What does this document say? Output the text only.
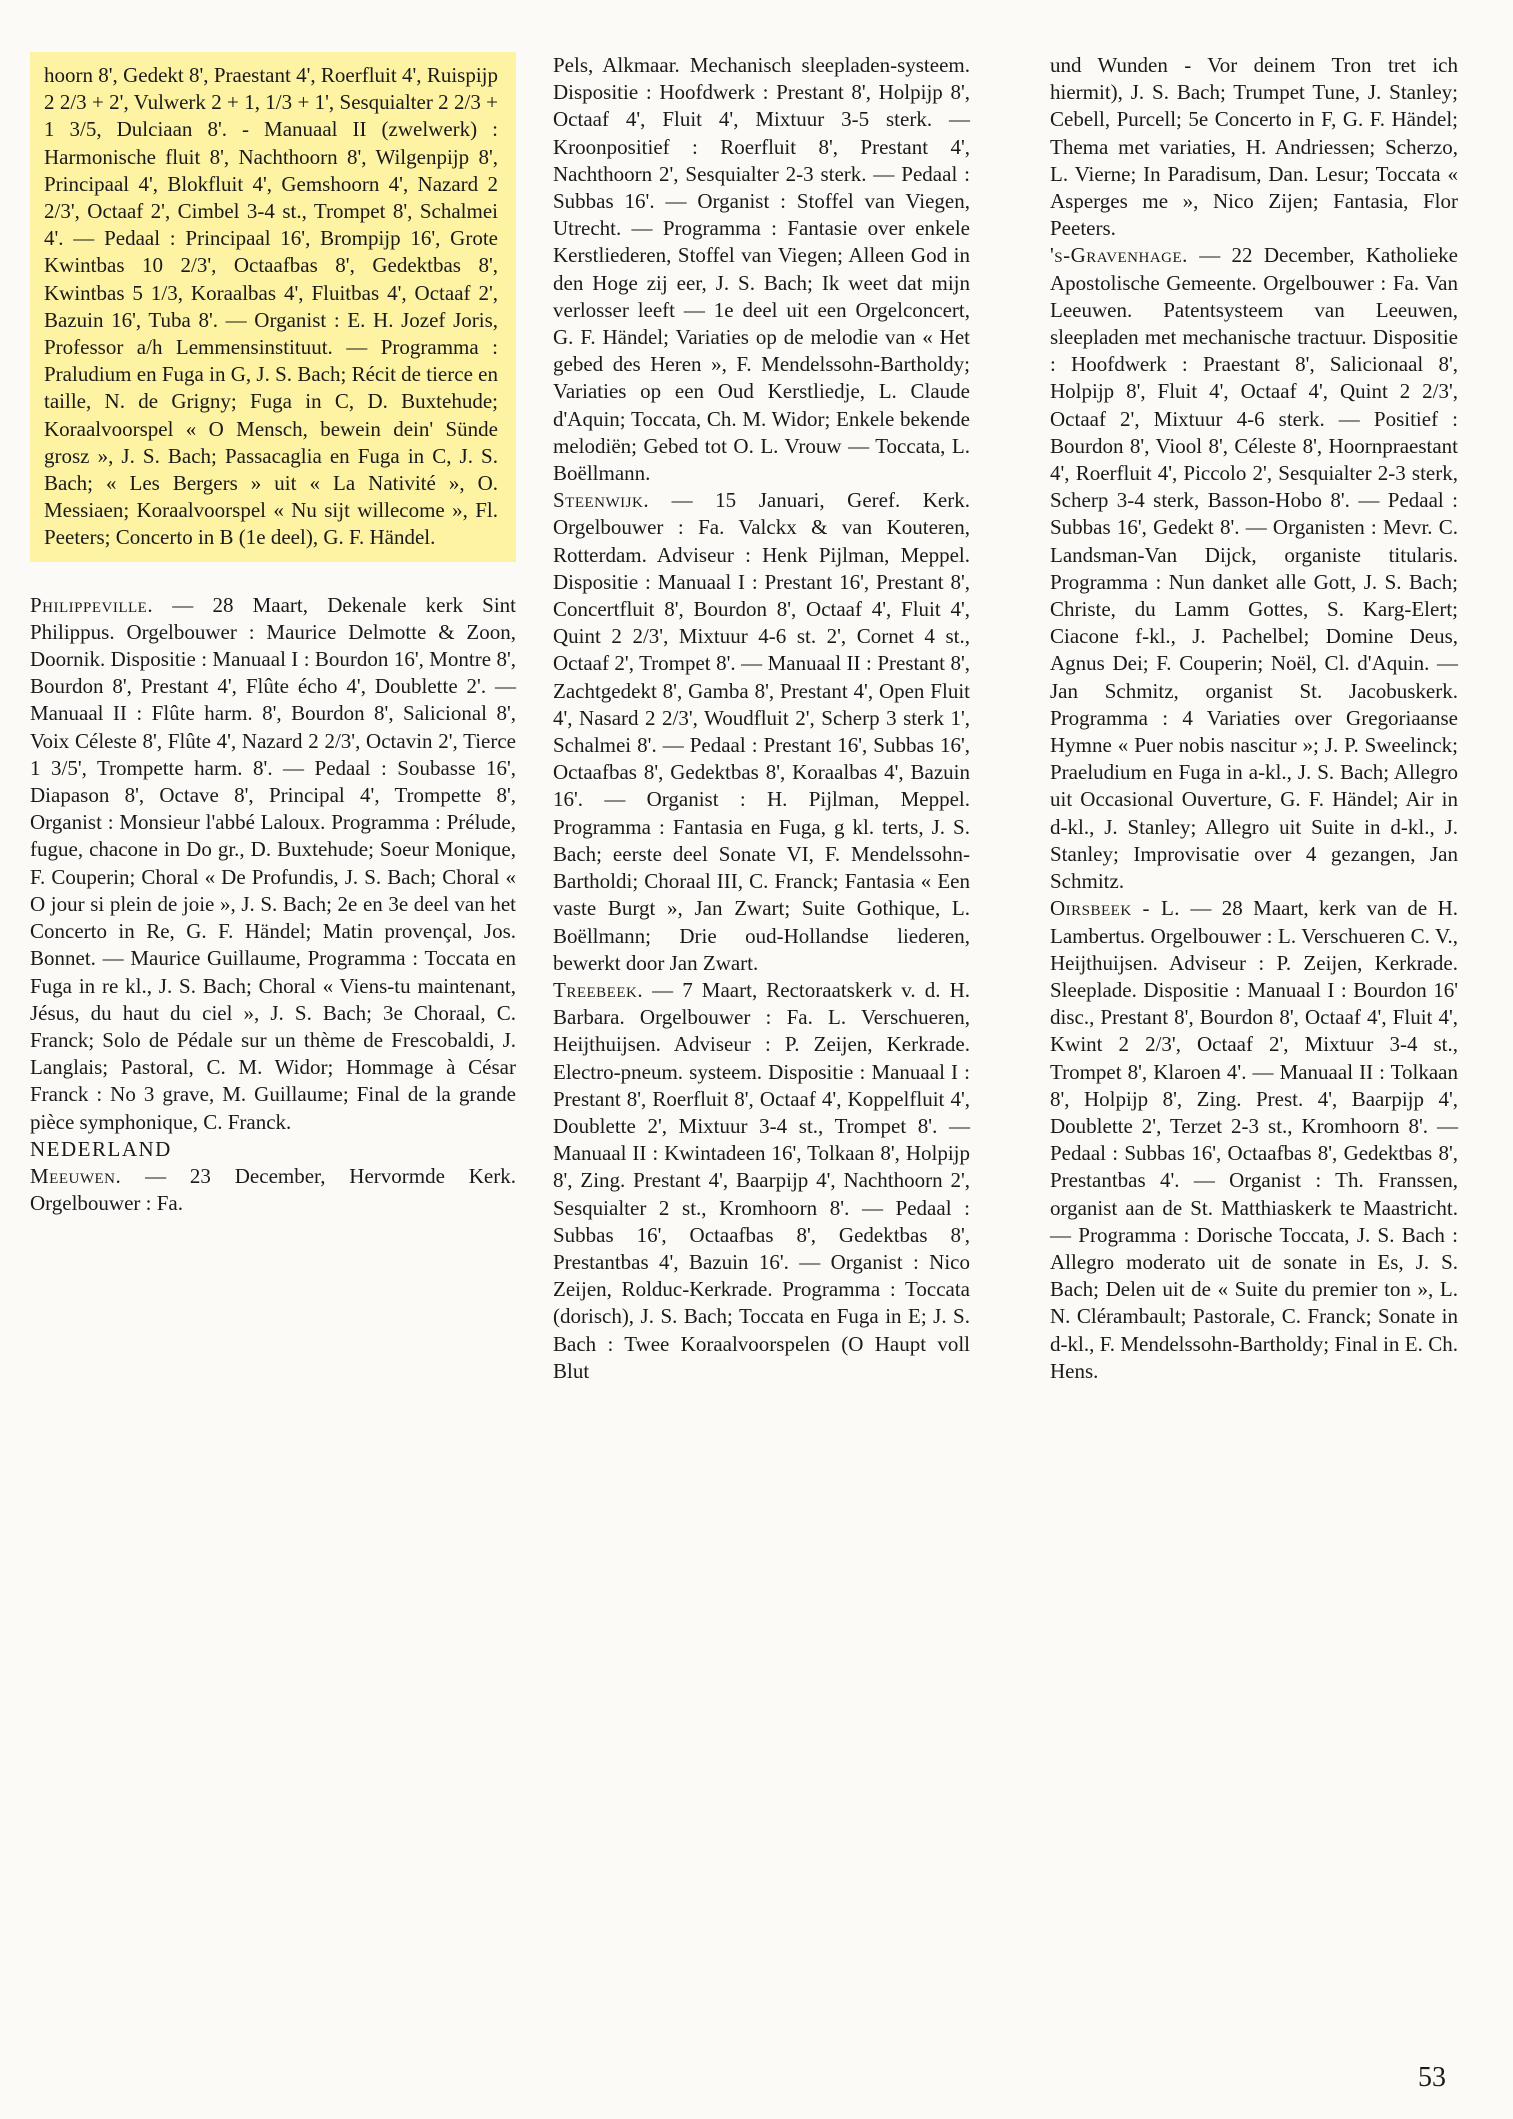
hoorn 8', Gedekt 8', Praestant 4', Roerfluit 4', Ruispijp 2 2/3 + 2', Vulwerk 2 + 1, 1/3 + 1', Sesquialter 2 2/3 + 1 3/5, Dulciaan 8'. - Manuaal II (zwelwerk) : Harmonische fluit 8', Nachthoorn 8', Wilgenpijp 8', Principaal 4', Blokfluit 4', Gemshoorn 4', Nazard 2 2/3', Octaaf 2', Cimbel 3-4 st., Trompet 8', Schalmei 4'. — Pedaal : Principaal 16', Brompijp 16', Grote Kwintbas 10 2/3', Octaafbas 8', Gedektbas 8', Kwintbas 5 1/3, Koraalbas 4', Fluitbas 4', Octaaf 2', Bazuin 16', Tuba 8'. — Organist : E. H. Jozef Joris, Professor a/h Lemmensinstituut. — Programma : Praludium en Fuga in G, J. S. Bach; Récit de tierce en taille, N. de Grigny; Fuga in C, D. Buxtehude; Koraalvoorspel « O Mensch, bewein dein' Sünde grosz », J. S. Bach; Passacaglia en Fuga in C, J. S. Bach; « Les Bergers » uit « La Nativité », O. Messiaen; Koraalvoorspel « Nu sijt willecome », Fl. Peeters; Concerto in B (1e deel), G. F. Händel.

Philippeville. — 28 Maart, Dekenale kerk Sint Philippus. Orgelbouwer : Maurice Delmotte & Zoon, Doornik. Dispositie : Manuaal I : Bourdon 16', Montre 8', Bourdon 8', Prestant 4', Flûte écho 4', Doublette 2'. — Manuaal II : Flûte harm. 8', Bourdon 8', Salicional 8', Voix Céleste 8', Flûte 4', Nazard 2 2/3', Octavin 2', Tierce 1 3/5', Trompette harm. 8'. — Pedaal : Soubasse 16', Diapason 8', Octave 8', Principal 4', Trompette 8', Organist : Monsieur l'abbé Laloux. Programma : Prélude, fugue, chacone in Do gr., D. Buxtehude; Soeur Monique, F. Couperin; Choral « De Profundis, J. S. Bach; Choral « O jour si plein de joie », J. S. Bach; 2e en 3e deel van het Concerto in Re, G. F. Händel; Matin provençal, Jos. Bonnet. — Maurice Guillaume, Programma : Toccata en Fuga in re kl., J. S. Bach; Choral « Viens-tu maintenant, Jésus, du haut du ciel », J. S. Bach; 3e Choraal, C. Franck; Solo de Pédale sur un thème de Frescobaldi, J. Langlais; Pastoral, C. M. Widor; Hommage à César Franck : No 3 grave, M. Guillaume; Final de la grande pièce symphonique, C. Franck.

NEDERLAND

Meeuwen. — 23 December, Hervormde Kerk. Orgelbouwer : Fa.

Pels, Alkmaar. Mechanisch sleepladen-systeem. Dispositie : Hoofdwerk : Prestant 8', Holpijp 8', Octaaf 4', Fluit 4', Mixtuur 3-5 sterk. — Kroonpositief : Roerfluit 8', Prestant 4', Nachthoorn 2', Sesquialter 2-3 sterk. — Pedaal : Subbas 16'. — Organist : Stoffel van Viegen, Utrecht. — Programma : Fantasie over enkele Kerstliederen, Stoffel van Viegen; Alleen God in den Hoge zij eer, J. S. Bach; Ik weet dat mijn verlosser leeft — 1e deel uit een Orgelconcert, G. F. Händel; Variaties op de melodie van « Het gebed des Heren », F. Mendelssohn-Bartholdy; Variaties op een Oud Kerstliedje, L. Claude d'Aquin; Toccata, Ch. M. Widor; Enkele bekende melodiën; Gebed tot O. L. Vrouw — Toccata, L. Boëllmann.

Steenwijk. — 15 Januari, Geref. Kerk. Orgelbouwer : Fa. Valckx & van Kouteren, Rotterdam. Adviseur : Henk Pijlman, Meppel. Dispositie : Manuaal I : Prestant 16', Prestant 8', Concertfluit 8', Bourdon 8', Octaaf 4', Fluit 4', Quint 2 2/3', Mixtuur 4-6 st. 2', Cornet 4 st., Octaaf 2', Trompet 8'. — Manuaal II : Prestant 8', Zachtgedekt 8', Gamba 8', Prestant 4', Open Fluit 4', Nasard 2 2/3', Woudfluit 2', Scherp 3 sterk 1', Schalmei 8'. — Pedaal : Prestant 16', Subbas 16', Octaafbas 8', Gedektbas 8', Koraalbas 4', Bazuin 16'. — Organist : H. Pijlman, Meppel. Programma : Fantasia en Fuga, g kl. terts, J. S. Bach; eerste deel Sonate VI, F. Mendelssohn-Bartholdi; Choraal III, C. Franck; Fantasia « Een vaste Burgt », Jan Zwart; Suite Gothique, L. Boëllmann; Drie oud-Hollandse liederen, bewerkt door Jan Zwart.

Treebeek. — 7 Maart, Rectoraatskerk v. d. H. Barbara. Orgelbouwer : Fa. L. Verschueren, Heijthuijsen. Adviseur : P. Zeijen, Kerkrade. Electro-pneum. systeem. Dispositie : Manuaal I : Prestant 8', Roerfluit 8', Octaaf 4', Koppelfluit 4', Doublette 2', Mixtuur 3-4 st., Trompet 8'. — Manuaal II : Kwintadeen 16', Tolkaan 8', Holpijp 8', Zing. Prestant 4', Baarpijp 4', Nachthoorn 2', Sesquialter 2 st., Kromhoorn 8'. — Pedaal : Subbas 16', Octaafbas 8', Gedektbas 8', Prestantbas 4', Bazuin 16'. — Organist : Nico Zeijen, Rolduc-Kerkrade. Programma : Toccata (dorisch), J. S. Bach; Toccata en Fuga in E; J. S. Bach : Twee Koraalvoorspelen (O Haupt voll Blut

und Wunden - Vor deinem Tron tret ich hiermit), J. S. Bach; Trumpet Tune, J. Stanley; Cebell, Purcell; 5e Concerto in F, G. F. Händel; Thema met variaties, H. Andriessen; Scherzo, L. Vierne; In Paradisum, Dan. Lesur; Toccata « Asperges me », Nico Zijen; Fantasia, Flor Peeters.

's-Gravenhage. — 22 December, Katholieke Apostolische Gemeente. Orgelbouwer : Fa. Van Leeuwen. Patentsysteem van Leeuwen, sleepladen met mechanische tractuur. Dispositie : Hoofdwerk : Praestant 8', Salicionaal 8', Holpijp 8', Fluit 4', Octaaf 4', Quint 2 2/3', Octaaf 2', Mixtuur 4-6 sterk. — Positief : Bourdon 8', Viool 8', Céleste 8', Hoornpraestant 4', Roerfluit 4', Piccolo 2', Sesquialter 2-3 sterk, Scherp 3-4 sterk, Basson-Hobo 8'. — Pedaal : Subbas 16', Gedekt 8'. — Organisten : Mevr. C. Landsman-Van Dijck, organiste titularis. Programma : Nun danket alle Gott, J. S. Bach; Christe, du Lamm Gottes, S. Karg-Elert; Ciacone f-kl., J. Pachelbel; Domine Deus, Agnus Dei; F. Couperin; Noël, Cl. d'Aquin. — Jan Schmitz, organist St. Jacobuskerk. Programma : 4 Variaties over Gregoriaanse Hymne « Puer nobis nascitur »; J. P. Sweelinck; Praeludium en Fuga in a-kl., J. S. Bach; Allegro uit Occasional Ouverture, G. F. Händel; Air in d-kl., J. Stanley; Allegro uit Suite in d-kl., J. Stanley; Improvisatie over 4 gezangen, Jan Schmitz.

Oirsbeek - L. — 28 Maart, kerk van de H. Lambertus. Orgelbouwer : L. Verschueren C. V., Heijthuijsen. Adviseur : P. Zeijen, Kerkrade. Sleeplade. Dispositie : Manuaal I : Bourdon 16' disc., Prestant 8', Bourdon 8', Octaaf 4', Fluit 4', Kwint 2 2/3', Octaaf 2', Mixtuur 3-4 st., Trompet 8', Klaroen 4'. — Manuaal II : Tolkaan 8', Holpijp 8', Zing. Prest. 4', Baarpijp 4', Doublette 2', Terzet 2-3 st., Kromhoorn 8'. — Pedaal : Subbas 16', Octaafbas 8', Gedektbas 8', Prestantbas 4'. — Organist : Th. Franssen, organist aan de St. Matthiaskerk te Maastricht. — Programma : Dorische Toccata, J. S. Bach : Allegro moderato uit de sonate in Es, J. S. Bach; Delen uit de « Suite du premier ton », L. N. Clérambault; Pastorale, C. Franck; Sonate in d-kl., F. Mendelssohn-Bartholdy; Final in E. Ch. Hens.

53
